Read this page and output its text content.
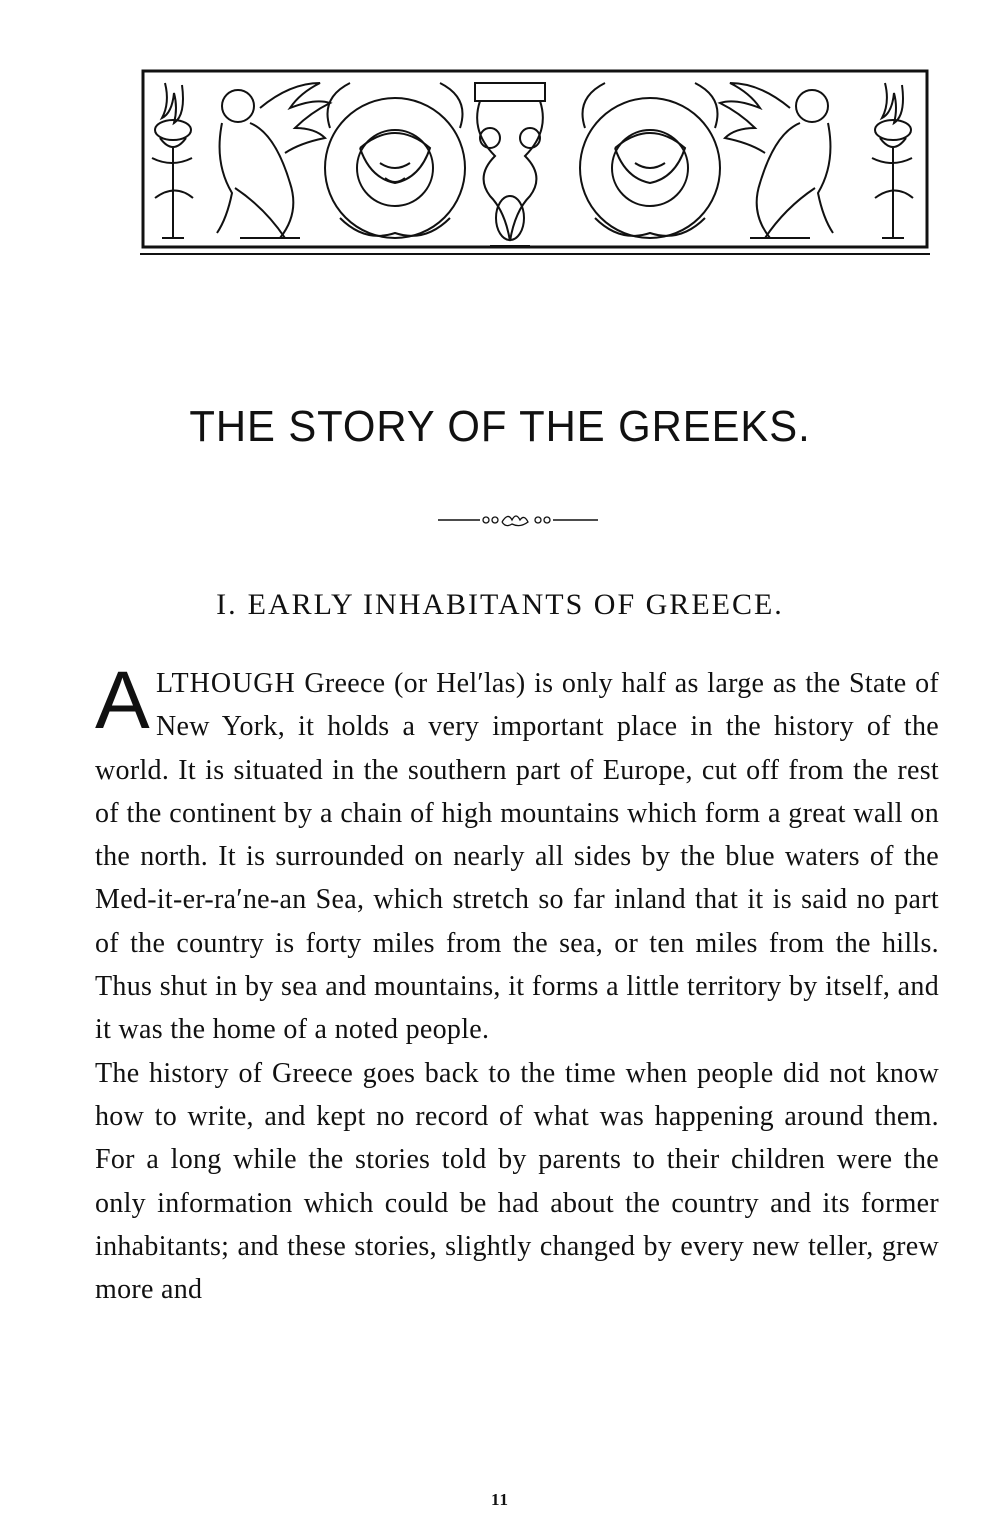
THE STORY OF THE GREEKS.
I. EARLY INHABITANTS OF GREECE.

ALTHOUGH Greece (or Hel′las) is only half as large as the State of New York, it holds a very important place in the history of the world. It is situated in the southern part of Europe, cut off from the rest of the continent by a chain of high mountains which form a great wall on the north. It is surrounded on nearly all sides by the blue waters of the Med-it-er-ra′ne-an Sea, which stretch so far inland that it is said no part of the country is forty miles from the sea, or ten miles from the hills. Thus shut in by sea and mountains, it forms a little territory by itself, and it was the home of a noted people.

The history of Greece goes back to the time when people did not know how to write, and kept no record of what was happening around them. For a long while the stories told by parents to their children were the only information which could be had about the country and its former inhabitants; and these stories, slightly changed by every new teller, grew more and

11
